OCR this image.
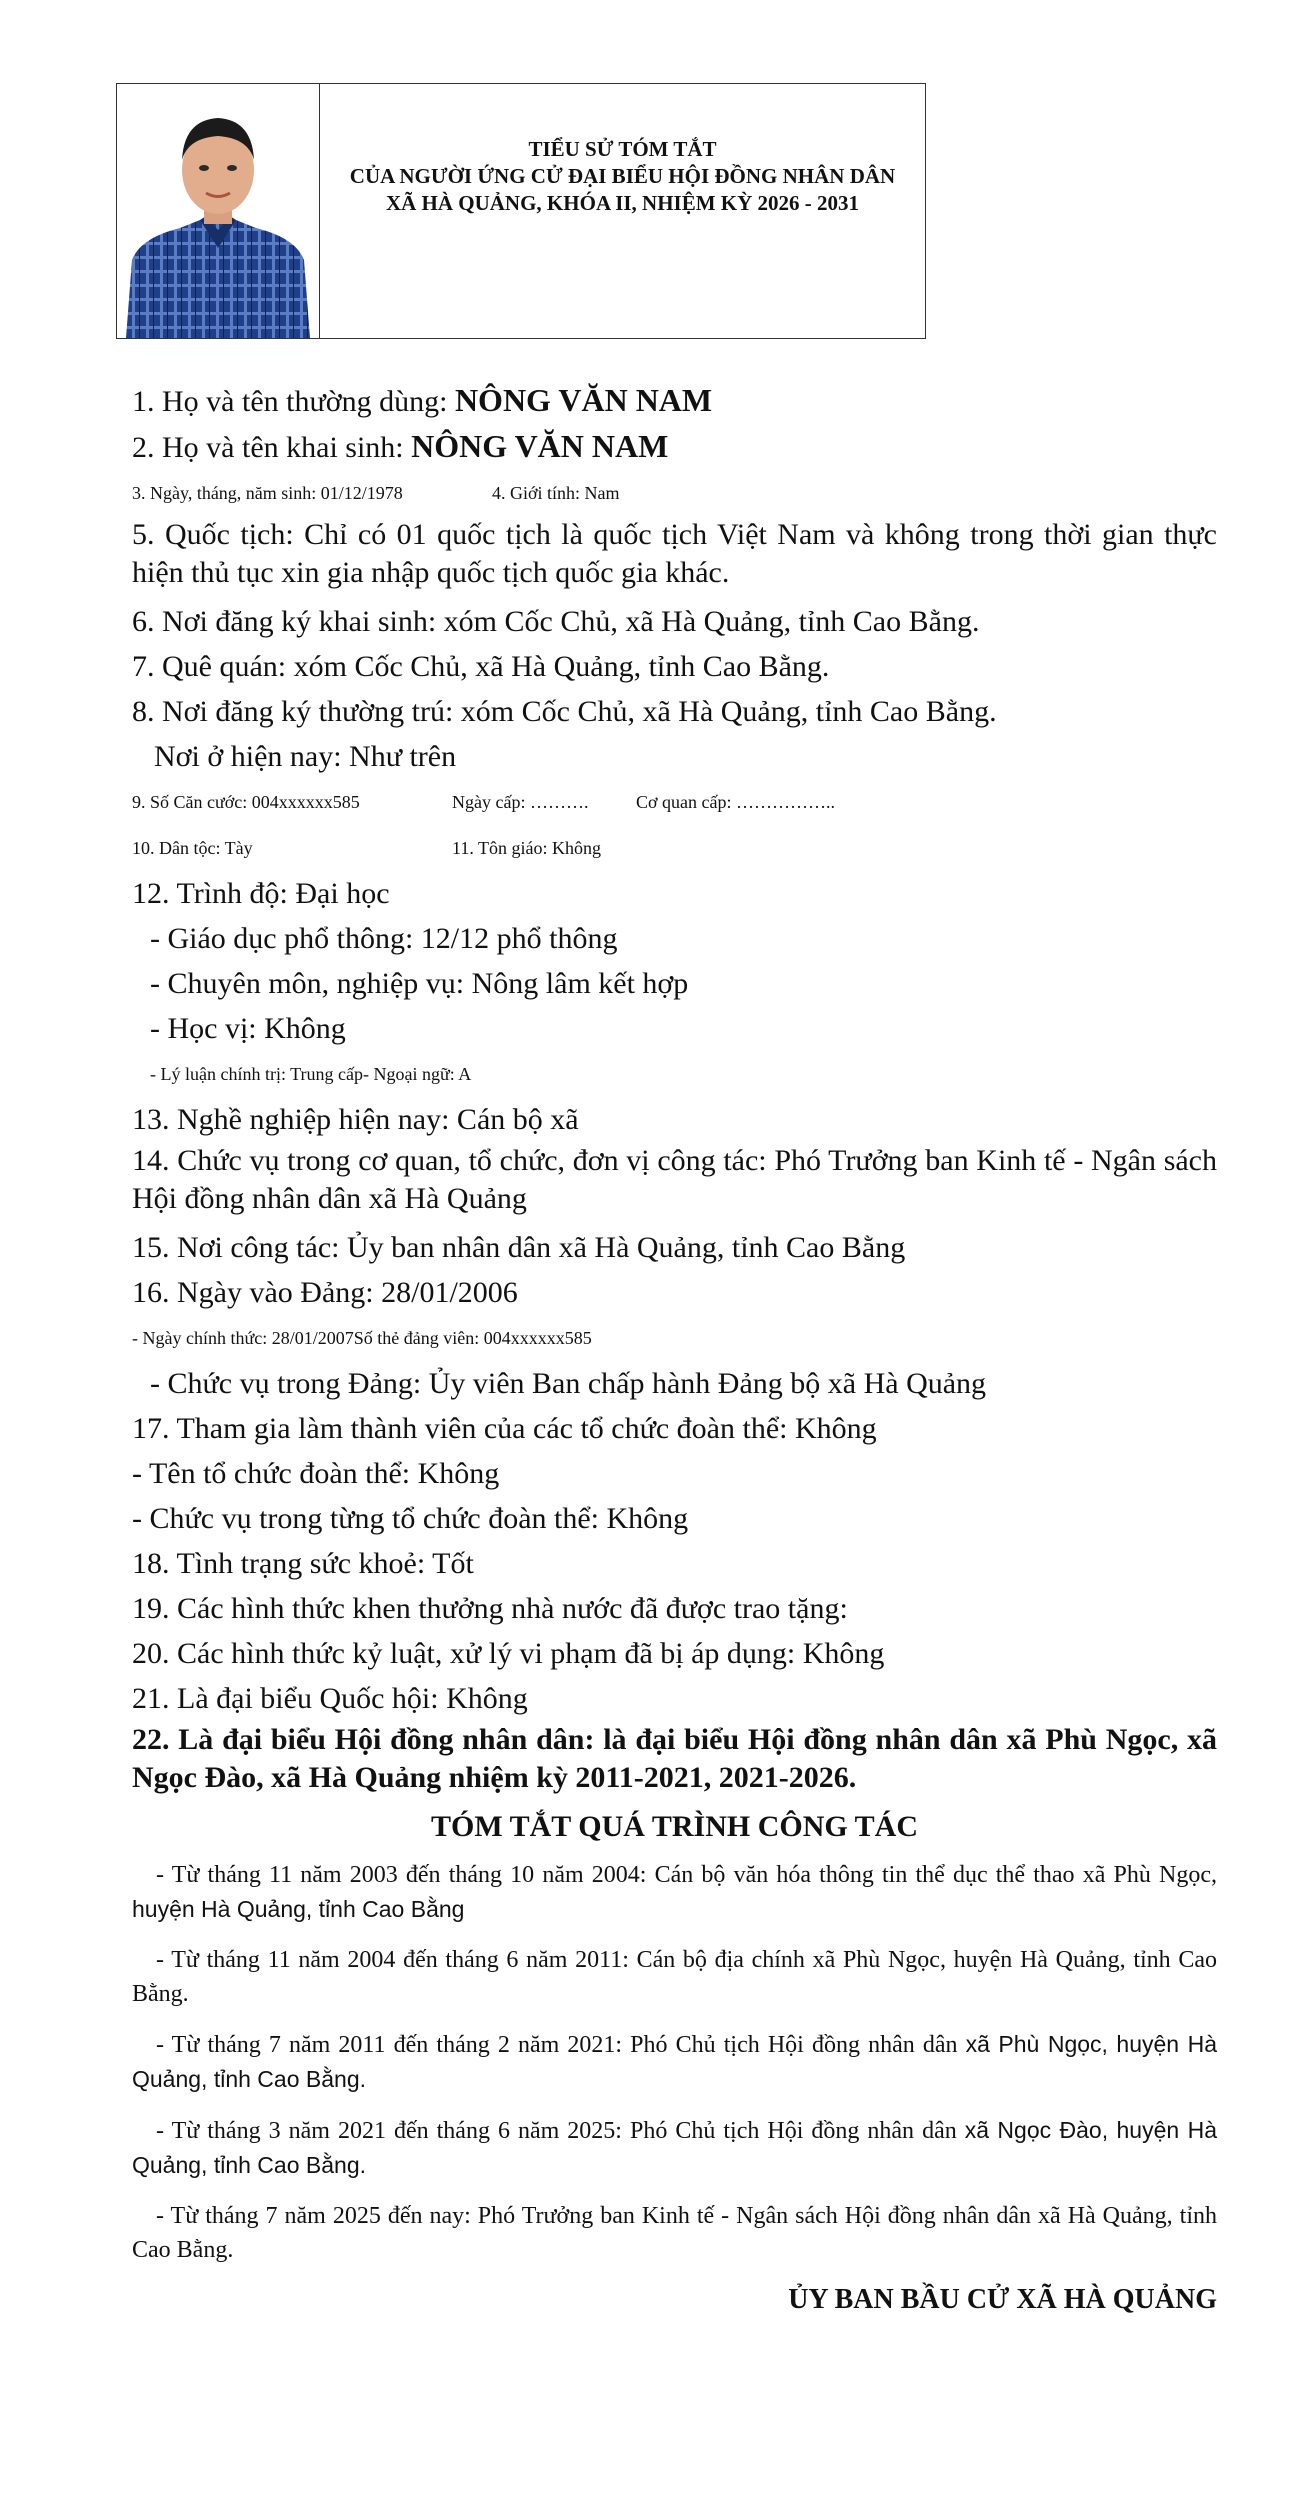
TIỂU SỬ TÓM TẮT
CỦA NGƯỜI ỨNG CỬ ĐẠI BIỂU HỘI ĐỒNG NHÂN DÂN
XÃ HÀ QUẢNG, KHÓA II, NHIỆM KỲ 2026 - 2031

1. Họ và tên thường dùng: NÔNG VĂN NAM

2. Họ và tên khai sinh: NÔNG VĂN NAM

3. Ngày, tháng, năm sinh: 01/12/1978	4. Giới tính: Nam

5. Quốc tịch: Chỉ có 01 quốc tịch là quốc tịch Việt Nam và không trong thời gian thực hiện thủ tục xin gia nhập quốc tịch quốc gia khác.

6. Nơi đăng ký khai sinh: xóm Cốc Chủ, xã Hà Quảng, tỉnh Cao Bằng.

7. Quê quán: xóm Cốc Chủ, xã Hà Quảng, tỉnh Cao Bằng.

8. Nơi đăng ký thường trú: xóm Cốc Chủ, xã Hà Quảng, tỉnh Cao Bằng.

Nơi ở hiện nay: Như trên

9. Số Căn cước: 004xxxxxx585	Ngày cấp: ……….	Cơ quan cấp: ……………..

10. Dân tộc: Tày	11. Tôn giáo: Không

12. Trình độ: Đại học

- Giáo dục phổ thông: 12/12 phổ thông

- Chuyên môn, nghiệp vụ: Nông lâm kết hợp

- Học vị: Không

- Lý luận chính trị: Trung cấp- Ngoại ngữ: A

13. Nghề nghiệp hiện nay: Cán bộ xã

14. Chức vụ trong cơ quan, tổ chức, đơn vị công tác: Phó Trưởng ban Kinh tế - Ngân sách Hội đồng nhân dân xã Hà Quảng

15. Nơi công tác: Ủy ban nhân dân xã Hà Quảng, tỉnh Cao Bằng

16. Ngày vào Đảng: 28/01/2006

- Ngày chính thức: 28/01/2007Số thẻ đảng viên: 004xxxxxx585

- Chức vụ trong Đảng: Ủy viên Ban chấp hành Đảng bộ xã Hà Quảng

17. Tham gia làm thành viên của các tổ chức đoàn thể: Không

- Tên tổ chức đoàn thể: Không

- Chức vụ trong từng tổ chức đoàn thể: Không

18. Tình trạng sức khoẻ: Tốt

19. Các hình thức khen thưởng nhà nước đã được trao tặng:

20. Các hình thức kỷ luật, xử lý vi phạm đã bị áp dụng: Không

21. Là đại biểu Quốc hội: Không

22. Là đại biểu Hội đồng nhân dân: là đại biểu Hội đồng nhân dân xã Phù Ngọc, xã Ngọc Đào, xã Hà Quảng nhiệm kỳ 2011-2021, 2021-2026.

TÓM TẮT QUÁ TRÌNH CÔNG TÁC

- Từ tháng 11 năm 2003 đến tháng 10 năm 2004: Cán bộ văn hóa thông tin thể dục thể thao xã Phù Ngọc, huyện Hà Quảng, tỉnh Cao Bằng

- Từ tháng 11 năm 2004 đến tháng 6 năm 2011: Cán bộ địa chính xã Phù Ngọc, huyện Hà Quảng, tỉnh Cao Bằng.

- Từ tháng 7 năm 2011 đến tháng 2 năm 2021: Phó Chủ tịch Hội đồng nhân dân xã Phù Ngọc, huyện Hà Quảng, tỉnh Cao Bằng.

- Từ tháng 3 năm 2021 đến tháng 6 năm 2025: Phó Chủ tịch Hội đồng nhân dân xã Ngọc Đào, huyện Hà Quảng, tỉnh Cao Bằng.

- Từ tháng 7 năm 2025 đến nay: Phó Trưởng ban Kinh tế - Ngân sách Hội đồng nhân dân xã Hà Quảng, tỉnh Cao Bằng.

ỦY BAN BẦU CỬ XÃ HÀ QUẢNG
